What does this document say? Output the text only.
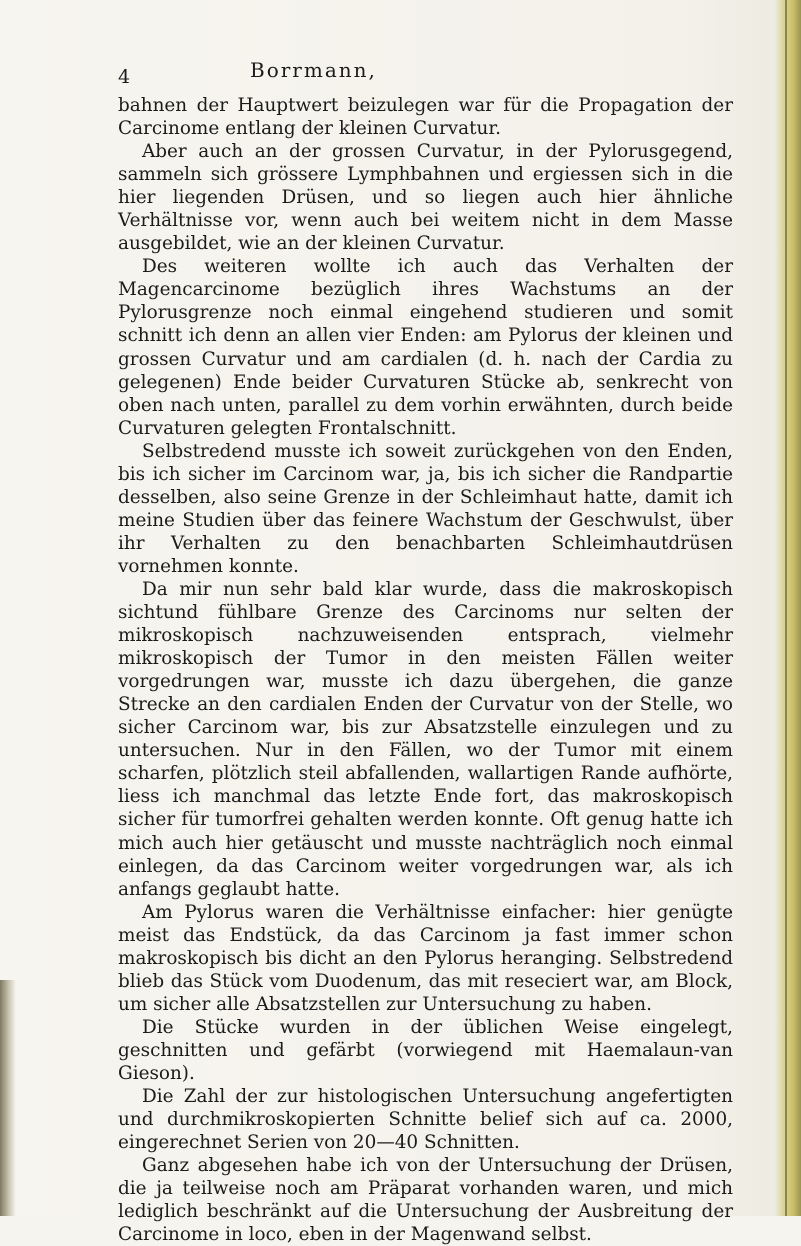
4	Borrmann,

bahnen der Hauptwert beizulegen war für die Propagation der Carcinome entlang der kleinen Curvatur.

Aber auch an der grossen Curvatur, in der Pylorusgegend, sammeln sich grössere Lymphbahnen und ergiessen sich in die hier liegenden Drüsen, und so liegen auch hier ähnliche Verhältnisse vor, wenn auch bei weitem nicht in dem Masse ausgebildet, wie an der kleinen Curvatur.

Des weiteren wollte ich auch das Verhalten der Magencarcinome bezüglich ihres Wachstums an der Pylorusgrenze noch einmal eingehend studieren und somit schnitt ich denn an allen vier Enden: am Pylorus der kleinen und grossen Curvatur und am cardialen (d. h. nach der Cardia zu gelegenen) Ende beider Curvaturen Stücke ab, senkrecht von oben nach unten, parallel zu dem vorhin erwähnten, durch beide Curvaturen gelegten Frontalschnitt.

Selbstredend musste ich soweit zurückgehen von den Enden, bis ich sicher im Carcinom war, ja, bis ich sicher die Randpartie desselben, also seine Grenze in der Schleimhaut hatte, damit ich meine Studien über das feinere Wachstum der Geschwulst, über ihr Verhalten zu den benachbarten Schleimhautdrüsen vornehmen konnte.

Da mir nun sehr bald klar wurde, dass die makroskopisch sichtund fühlbare Grenze des Carcinoms nur selten der mikroskopisch nachzuweisenden entsprach, vielmehr mikroskopisch der Tumor in den meisten Fällen weiter vorgedrungen war, musste ich dazu übergehen, die ganze Strecke an den cardialen Enden der Curvatur von der Stelle, wo sicher Carcinom war, bis zur Absatzstelle einzulegen und zu untersuchen. Nur in den Fällen, wo der Tumor mit einem scharfen, plötzlich steil abfallenden, wallartigen Rande aufhörte, liess ich manchmal das letzte Ende fort, das makroskopisch sicher für tumorfrei gehalten werden konnte. Oft genug hatte ich mich auch hier getäuscht und musste nachträglich noch einmal einlegen, da das Carcinom weiter vorgedrungen war, als ich anfangs geglaubt hatte.

Am Pylorus waren die Verhältnisse einfacher: hier genügte meist das Endstück, da das Carcinom ja fast immer schon makroskopisch bis dicht an den Pylorus heranging. Selbstredend blieb das Stück vom Duodenum, das mit reseciert war, am Block, um sicher alle Absatzstellen zur Untersuchung zu haben.

Die Stücke wurden in der üblichen Weise eingelegt, geschnitten und gefärbt (vorwiegend mit Haemalaun-van Gieson).

Die Zahl der zur histologischen Untersuchung angefertigten und durchmikroskopierten Schnitte belief sich auf ca. 2000, eingerechnet Serien von 20—40 Schnitten.

Ganz abgesehen habe ich von der Untersuchung der Drüsen, die ja teilweise noch am Präparat vorhanden waren, und mich lediglich beschränkt auf die Untersuchung der Ausbreitung der Carcinome in loco, eben in der Magenwand selbst.
